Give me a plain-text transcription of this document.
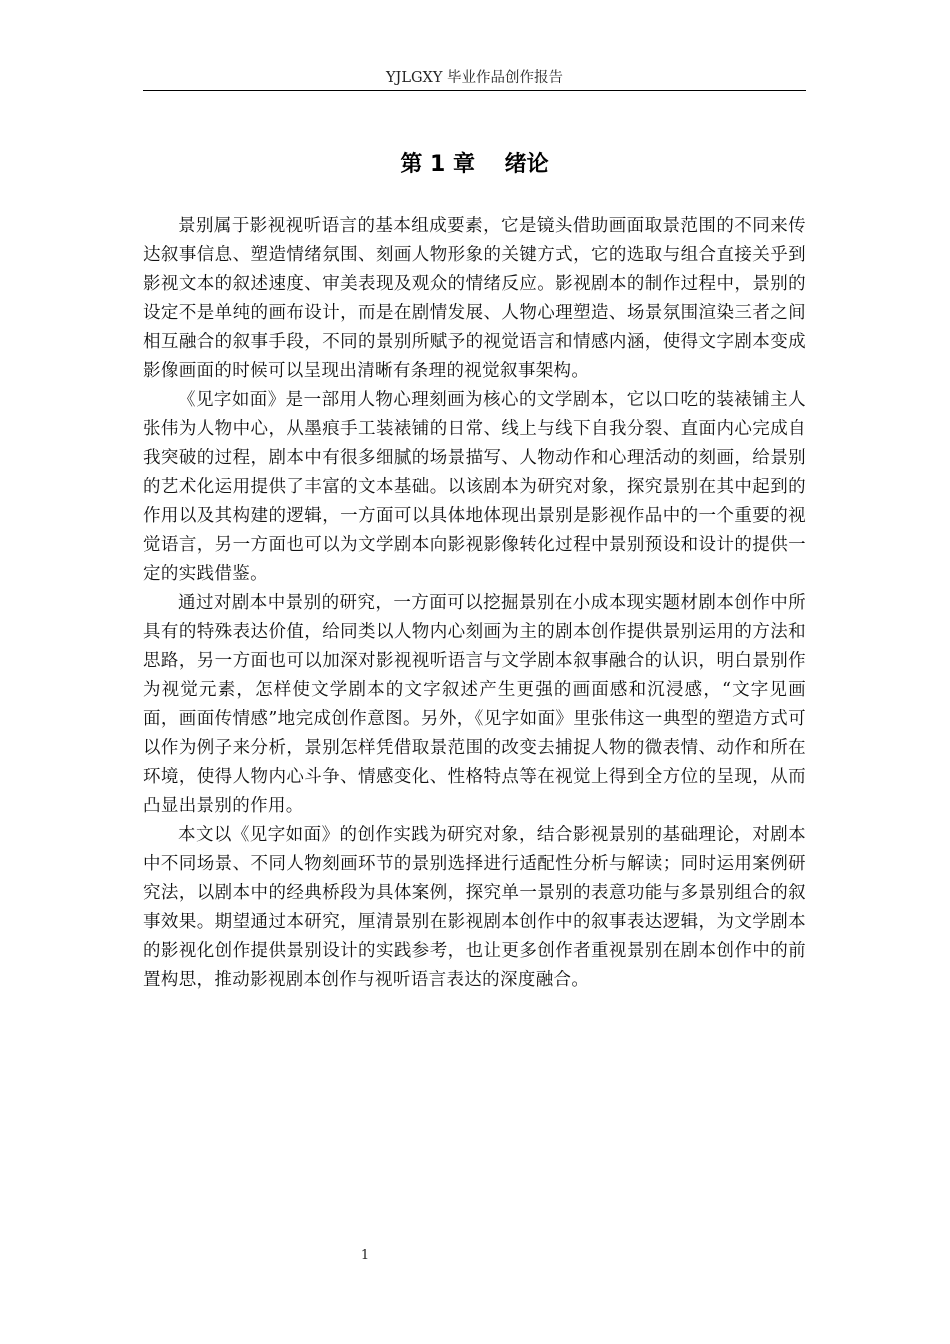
YJLGXY 毕业作品创作报告
第 1 章　 绪论

景别属于影视视听语言的基本组成要素，它是镜头借助画面取景范围的不同来传达叙事信息、塑造情绪氛围、刻画人物形象的关键方式，它的选取与组合直接关乎到影视文本的叙述速度、审美表现及观众的情绪反应。影视剧本的制作过程中，景别的设定不是单纯的画布设计，而是在剧情发展、人物心理塑造、场景氛围渲染三者之间相互融合的叙事手段，不同的景别所赋予的视觉语言和情感内涵，使得文字剧本变成影像画面的时候可以呈现出清晰有条理的视觉叙事架构。

《见字如面》是一部用人物心理刻画为核心的文学剧本，它以口吃的装裱铺主人张伟为人物中心，从墨痕手工装裱铺的日常、线上与线下自我分裂、直面内心完成自我突破的过程，剧本中有很多细腻的场景描写、人物动作和心理活动的刻画，给景别的艺术化运用提供了丰富的文本基础。以该剧本为研究对象，探究景别在其中起到的作用以及其构建的逻辑，一方面可以具体地体现出景别是影视作品中的一个重要的视觉语言，另一方面也可以为文学剧本向影视影像转化过程中景别预设和设计的提供一定的实践借鉴。

通过对剧本中景别的研究，一方面可以挖掘景别在小成本现实题材剧本创作中所具有的特殊表达价值，给同类以人物内心刻画为主的剧本创作提供景别运用的方法和思路，另一方面也可以加深对影视视听语言与文学剧本叙事融合的认识，明白景别作为视觉元素，怎样使文学剧本的文字叙述产生更强的画面感和沉浸感，“文字见画面，画面传情感”地完成创作意图。另外，《见字如面》里张伟这一典型的塑造方式可以作为例子来分析，景别怎样凭借取景范围的改变去捕捉人物的微表情、动作和所在环境，使得人物内心斗争、情感变化、性格特点等在视觉上得到全方位的呈现，从而凸显出景别的作用。

本文以《见字如面》的创作实践为研究对象，结合影视景别的基础理论，对剧本中不同场景、不同人物刻画环节的景别选择进行适配性分析与解读；同时运用案例研究法，以剧本中的经典桥段为具体案例，探究单一景别的表意功能与多景别组合的叙事效果。期望通过本研究，厘清景别在影视剧本创作中的叙事表达逻辑，为文学剧本的影视化创作提供景别设计的实践参考，也让更多创作者重视景别在剧本创作中的前置构思，推动影视剧本创作与视听语言表达的深度融合。

1
